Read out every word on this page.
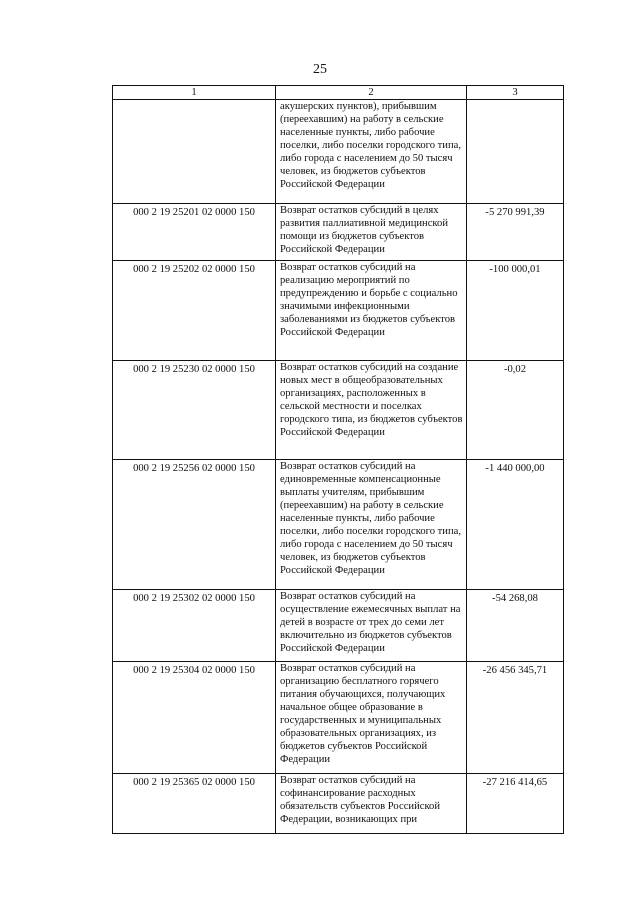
25
1	2	3
	акушерских пунктов), прибывшим (переехавшим) на работу в сельские населенные пункты, либо рабочие поселки, либо поселки городского типа, либо города с населением до 50 тысяч человек, из бюджетов субъектов Российской Федерации	
000 2 19 25201 02 0000 150	Возврат остатков субсидий в целях развития паллиативной медицинской помощи из бюджетов субъектов Российской Федерации	-5 270 991,39
000 2 19 25202 02 0000 150	Возврат остатков субсидий на реализацию мероприятий по предупреждению и борьбе с социально значимыми инфекционными заболеваниями из бюджетов субъектов Российской Федерации	-100 000,01
000 2 19 25230 02 0000 150	Возврат остатков субсидий на создание новых мест в общеобразовательных организациях, расположенных в сельской местности и поселках городского типа, из бюджетов субъектов Российской Федерации	-0,02
000 2 19 25256 02 0000 150	Возврат остатков субсидий на единовременные компенсационные выплаты учителям, прибывшим (переехавшим) на работу в сельские населенные пункты, либо рабочие поселки, либо поселки городского типа, либо города с населением до 50 тысяч человек, из бюджетов субъектов Российской Федерации	-1 440 000,00
000 2 19 25302 02 0000 150	Возврат остатков субсидий на осуществление ежемесячных выплат на детей в возрасте от трех до семи лет включительно из бюджетов субъектов Российской Федерации	-54 268,08
000 2 19 25304 02 0000 150	Возврат остатков субсидий на организацию бесплатного горячего питания обучающихся, получающих начальное общее образование в государственных и муниципальных образовательных организациях, из бюджетов субъектов Российской Федерации	-26 456 345,71
000 2 19 25365 02 0000 150	Возврат остатков субсидий на софинансирование расходных обязательств субъектов Российской Федерации, возникающих при	-27 216 414,65
